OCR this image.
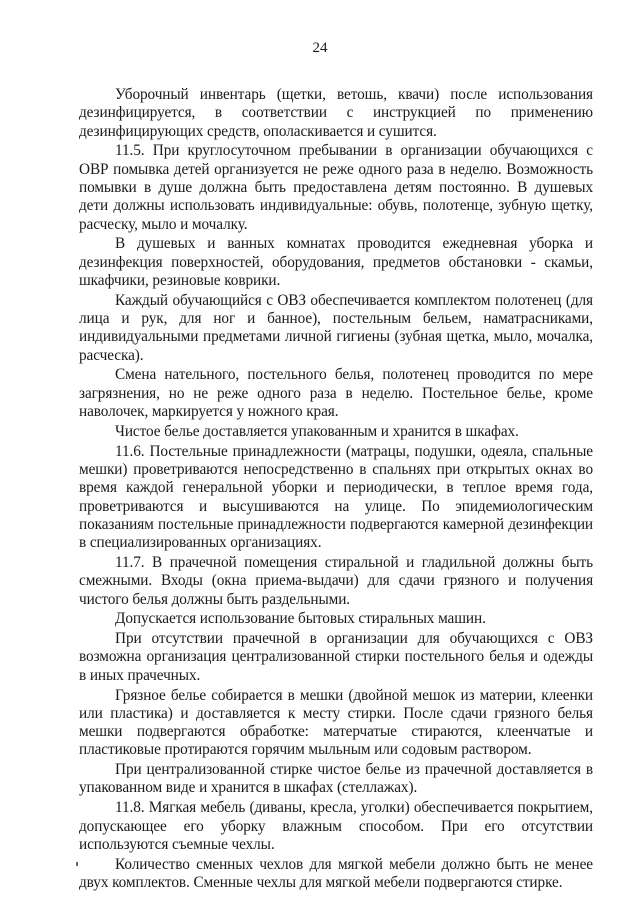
24

Уборочный инвентарь (щетки, ветошь, квачи) после использования дезинфицируется, в соответствии с инструкцией по применению дезинфицирующих средств, ополаскивается и сушится.

11.5. При круглосуточном пребывании в организации обучающихся с ОВР помывка детей организуется не реже одного раза в неделю. Возможность помывки в душе должна быть предоставлена детям постоянно. В душевых дети должны использовать индивидуальные: обувь, полотенце, зубную щетку, расческу, мыло и мочалку.

В душевых и ванных комнатах проводится ежедневная уборка и дезинфекция поверхностей, оборудования, предметов обстановки - скамьи, шкафчики, резиновые коврики.

Каждый обучающийся с ОВЗ обеспечивается комплектом полотенец (для лица и рук, для ног и банное), постельным бельем, наматрасниками, индивидуальными предметами личной гигиены (зубная щетка, мыло, мочалка, расческа).

Смена нательного, постельного белья, полотенец проводится по мере загрязнения, но не реже одного раза в неделю. Постельное белье, кроме наволочек, маркируется у ножного края.

Чистое белье доставляется упакованным и хранится в шкафах.

11.6. Постельные принадлежности (матрацы, подушки, одеяла, спальные мешки) проветриваются непосредственно в спальнях при открытых окнах во время каждой генеральной уборки и периодически, в теплое время года, проветриваются и высушиваются на улице. По эпидемиологическим показаниям постельные принадлежности подвергаются камерной дезинфекции в специализированных организациях.

11.7. В прачечной помещения стиральной и гладильной должны быть смежными. Входы (окна приема-выдачи) для сдачи грязного и получения чистого белья должны быть раздельными.

Допускается использование бытовых стиральных машин.

При отсутствии прачечной в организации для обучающихся с ОВЗ возможна организация централизованной стирки постельного белья и одежды в иных прачечных.

Грязное белье собирается в мешки (двойной мешок из материи, клеенки или пластика) и доставляется к месту стирки. После сдачи грязного белья мешки подвергаются обработке: матерчатые стираются, клеенчатые и пластиковые протираются горячим мыльным или содовым раствором.

При централизованной стирке чистое белье из прачечной доставляется в упакованном виде и хранится в шкафах (стеллажах).

11.8. Мягкая мебель (диваны, кресла, уголки) обеспечивается покрытием, допускающее его уборку влажным способом. При его отсутствии используются съемные чехлы.

Количество сменных чехлов для мягкой мебели должно быть не менее двух комплектов. Сменные чехлы для мягкой мебели подвергаются стирке.
